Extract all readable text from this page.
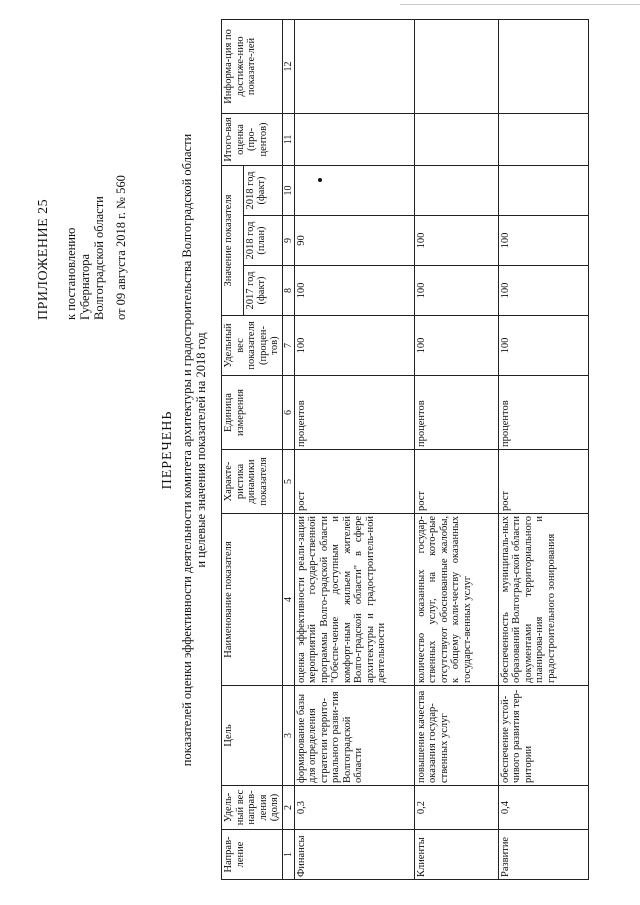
ПРИЛОЖЕНИЕ 25 к постановлению Губернатора Волгоградской области от 09 августа 2018 г. № 560
ПЕРЕЧЕНЬ показателей оценки эффективности деятельности комитета архитектуры и градостроительства Волгоградской области и целевые значения показателей на 2018 год
Направ-ление	Удель-ный вес направ-ления (доля)	Цель	Наименование показателя	Характе-ристика динамики показателя	Единица измерения	Удельный вес показателя (процен-тов)	Значение показателя			Итого-вая оценка (про-центов)	Информа-ция по достиже-нию показате-лей
							2017 год (факт)	2018 год (план)	2018 год (факт)		
1	2	3	4	5	6	7	8	9	10	11	12
Финансы	0,3	формирование базы для определения стратегии террито-риального разви-тия Волгоградской области	оценка эффективности реали-зации мероприятий государ-ственной программы Волго-градской области "Обеспе-чение доступным и комфорт-ным жильем жителей Волго-градской области" в сфере архитектуры и градостроитель-ной деятельности	рост	процентов	100	100	90			
Клиенты	0,2	повышение качества оказания государ-ственных услуг	количество оказанных государ-ственных услуг, на кото-рые отсутствуют обоснованные жалобы, к общему коли-честву оказанных государст-венных услуг	рост	процентов	100	100	100			
Развитие	0,4	обеспечение устой-чивого развития тер-ритории	обеспеченность муниципаль-ных образований Волгоград-ской области документами территориального планирова-ния и градостроительного зонирования	рост	процентов	100	100	100			
